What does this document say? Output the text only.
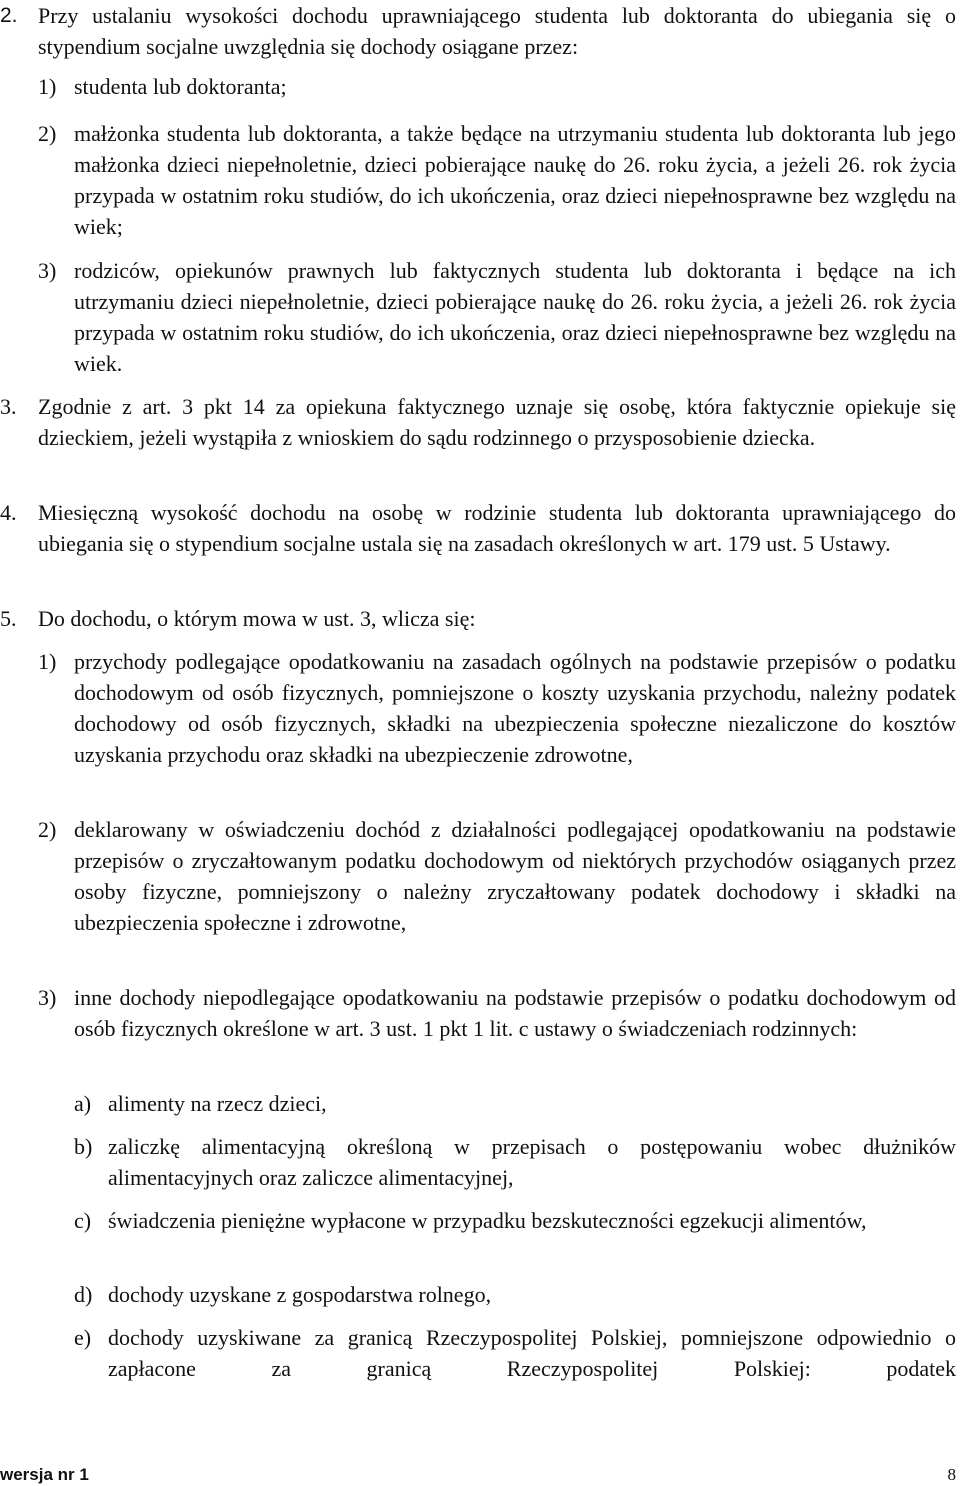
2. Przy ustalaniu wysokości dochodu uprawniającego studenta lub doktoranta do ubiegania się o stypendium socjalne uwzględnia się dochody osiągane przez:

1) studenta lub doktoranta;

2) małżonka studenta lub doktoranta, a także będące na utrzymaniu studenta lub doktoranta lub jego małżonka dzieci niepełnoletnie, dzieci pobierające naukę do 26. roku życia, a jeżeli 26. rok życia przypada w ostatnim roku studiów, do ich ukończenia, oraz dzieci niepełnosprawne bez względu na wiek;

3) rodziców, opiekunów prawnych lub faktycznych studenta lub doktoranta i będące na ich utrzymaniu dzieci niepełnoletnie, dzieci pobierające naukę do 26. roku życia, a jeżeli 26. rok życia przypada w ostatnim roku studiów, do ich ukończenia, oraz dzieci niepełnosprawne bez względu na wiek.

3. Zgodnie z art. 3 pkt 14 za opiekuna faktycznego uznaje się osobę, która faktycznie opiekuje się dzieckiem, jeżeli wystąpiła z wnioskiem do sądu rodzinnego o przysposobienie dziecka.

4. Miesięczną wysokość dochodu na osobę w rodzinie studenta lub doktoranta uprawniającego do ubiegania się o stypendium socjalne ustala się na zasadach określonych w art. 179 ust. 5 Ustawy.

5. Do dochodu, o którym mowa w ust. 3, wlicza się:

1) przychody podlegające opodatkowaniu na zasadach ogólnych na podstawie przepisów o podatku dochodowym od osób fizycznych, pomniejszone o koszty uzyskania przychodu, należny podatek dochodowy od osób fizycznych, składki na ubezpieczenia społeczne niezaliczone do kosztów uzyskania przychodu oraz składki na ubezpieczenie zdrowotne,

2) deklarowany w oświadczeniu dochód z działalności podlegającej opodatkowaniu na podstawie przepisów o zryczałtowanym podatku dochodowym od niektórych przychodów osiąganych przez osoby fizyczne, pomniejszony o należny zryczałtowany podatek dochodowy i składki na ubezpieczenia społeczne i zdrowotne,

3) inne dochody niepodlegające opodatkowaniu na podstawie przepisów o podatku dochodowym od osób fizycznych określone w art. 3 ust. 1 pkt 1 lit. c ustawy o świadczeniach rodzinnych:

a) alimenty na rzecz dzieci,

b) zaliczkę alimentacyjną określoną w przepisach o postępowaniu wobec dłużników alimentacyjnych oraz zaliczce alimentacyjnej,

c) świadczenia pieniężne wypłacone w przypadku bezskuteczności egzekucji alimentów,

d) dochody uzyskane z gospodarstwa rolnego,

e) dochody uzyskiwane za granicą Rzeczypospolitej Polskiej, pomniejszone odpowiednio o zapłacone za granicą Rzeczypospolitej Polskiej: podatek

wersja nr 1	8
